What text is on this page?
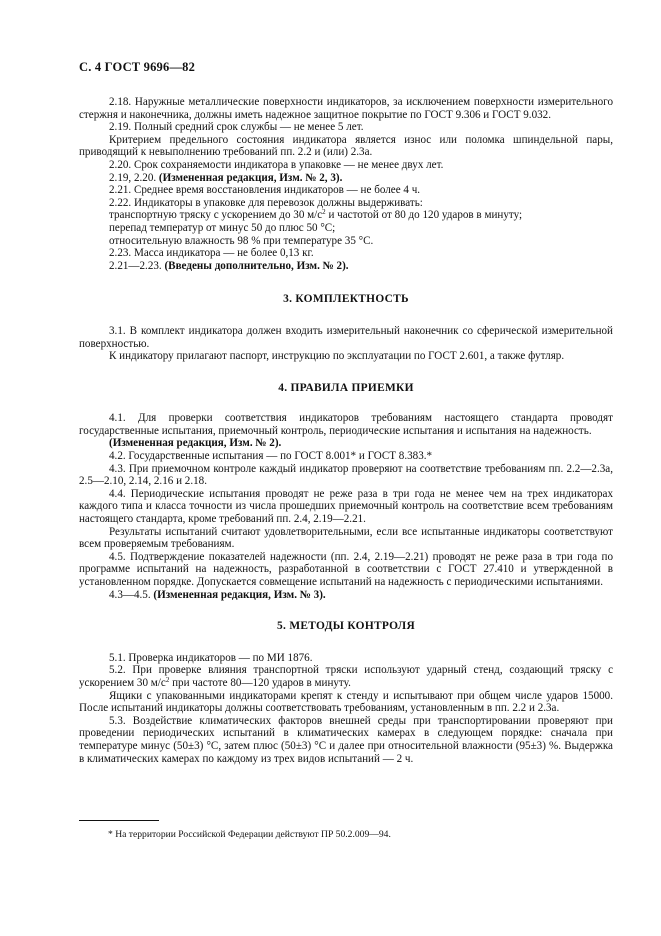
С. 4 ГОСТ 9696—82

2.18. Наружные металлические поверхности индикаторов, за исключением поверхности измерительного стержня и наконечника, должны иметь надежное защитное покрытие по ГОСТ 9.306 и ГОСТ 9.032.

2.19. Полный средний срок службы — не менее 5 лет.

Критерием предельного состояния индикатора является износ или поломка шпиндельной пары, приводящий к невыполнению требований пп. 2.2 и (или) 2.3а.

2.20. Срок сохраняемости индикатора в упаковке — не менее двух лет.

2.19, 2.20. (Измененная редакция, Изм. № 2, 3).

2.21. Среднее время восстановления индикаторов — не более 4 ч.

2.22. Индикаторы в упаковке для перевозок должны выдерживать:

транспортную тряску с ускорением до 30 $м/с^2$ и частотой от 80 до 120 ударов в минуту;

перепад температур от минус 50 до плюс 50 °С;

относительную влажность 98 % при температуре 35 °С.

2.23. Масса индикатора — не более 0,13 кг.

2.21—2.23. (Введены дополнительно, Изм. № 2).

3. КОМПЛЕКТНОСТЬ

3.1. В комплект индикатора должен входить измерительный наконечник со сферической измерительной поверхностью.

К индикатору прилагают паспорт, инструкцию по эксплуатации по ГОСТ 2.601, а также футляр.

4. ПРАВИЛА ПРИЕМКИ

4.1. Для проверки соответствия индикаторов требованиям настоящего стандарта проводят государственные испытания, приемочный контроль, периодические испытания и испытания на надежность.

(Измененная редакция, Изм. № 2).

4.2. Государственные испытания — по ГОСТ 8.001* и ГОСТ 8.383.*

4.3. При приемочном контроле каждый индикатор проверяют на соответствие требованиям пп. 2.2—2.3а, 2.5—2.10, 2.14, 2.16 и 2.18.

4.4. Периодические испытания проводят не реже раза в три года не менее чем на трех индикаторах каждого типа и класса точности из числа прошедших приемочный контроль на соответствие всем требованиям настоящего стандарта, кроме требований пп. 2.4, 2.19—2.21.

Результаты испытаний считают удовлетворительными, если все испытанные индикаторы соответствуют всем проверяемым требованиям.

4.5. Подтверждение показателей надежности (пп. 2.4, 2.19—2.21) проводят не реже раза в три года по программе испытаний на надежность, разработанной в соответствии с ГОСТ 27.410 и утвержденной в установленном порядке. Допускается совмещение испытаний на надежность с периодическими испытаниями.

4.3—4.5. (Измененная редакция, Изм. № 3).

5. МЕТОДЫ КОНТРОЛЯ

5.1. Проверка индикаторов — по МИ 1876.

5.2. При проверке влияния транспортной тряски используют ударный стенд, создающий тряску с ускорением 30 $м/с^2$ при частоте 80—120 ударов в минуту.

Ящики с упакованными индикаторами крепят к стенду и испытывают при общем числе ударов 15000. После испытаний индикаторы должны соответствовать требованиям, установленным в пп. 2.2 и 2.3а.

5.3. Воздействие климатических факторов внешней среды при транспортировании проверяют при проведении периодических испытаний в климатических камерах в следующем порядке: сначала при температуре минус (50±3) °С, затем плюс (50±3) °С и далее при относительной влажности (95±3) %. Выдержка в климатических камерах по каждому из трех видов испытаний — 2 ч.

* На территории Российской Федерации действуют ПР 50.2.009—94.
